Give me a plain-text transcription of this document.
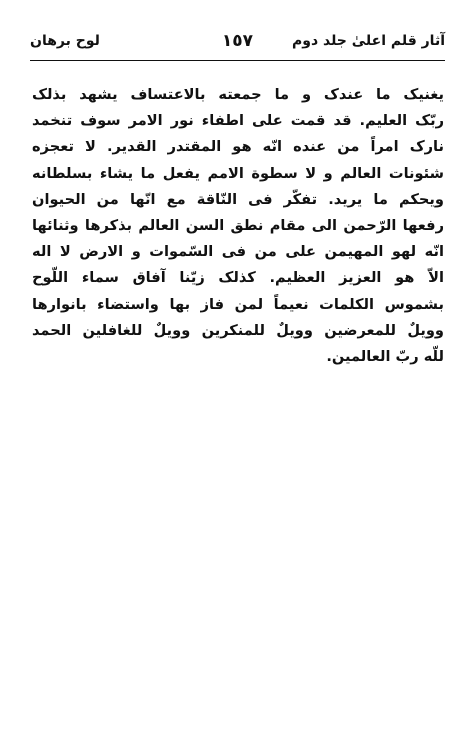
آثار قلم اعلیٰ جلد دوم
١٥٧
لوح برهان
یغنیک ما عندک و ما جمعته بالاعتساف یشهد بذلک
ربّک العلیم. قد قمت علی اطفاء نور الامر سوف تنخمد
نارک امراً من عنده انّه هو المقتدر القدیر. لا تعجزه
شئونات العالم و لا سطوة الامم یفعل ما یشاء بسلطانه
ویحکم ما یرید. تفکّر فی النّاقة مع انّها من الحیوان
رفعها الرّحمن الی مقام نطق السن العالم بذکرها وثنائها
انّه لهو المهیمن علی من فی السّموات و الارض لا اله
الاّ هو العزیز العظیم. کذلک زیّنا آفاق سماء اللّوح
بشموس الکلمات نعیماً لمن فاز بها واستضاء بانوارها
وویلٌ للمعرضین وویلٌ للمنکرین وویلٌ للغافلین الحمد
للّه ربّ العالمین.
